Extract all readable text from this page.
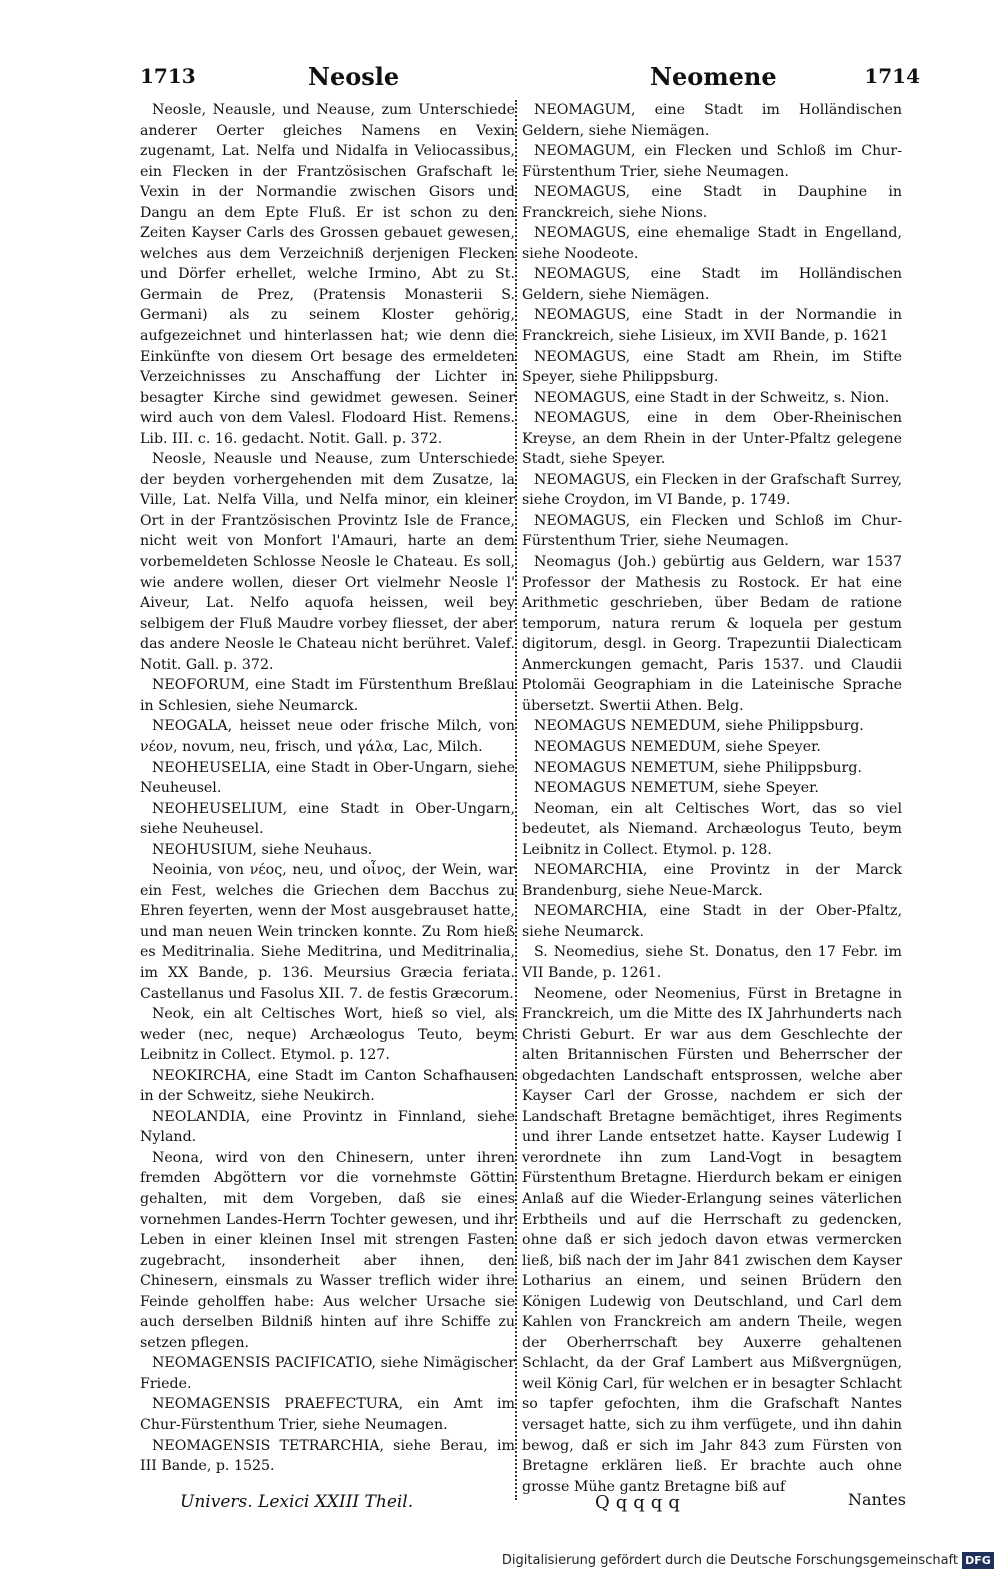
1713	Neosle	Neomene	1714

Neosle, Neausle, und Neause, zum Unterschiede anderer Oerter gleiches Namens en Vexin zugenamt, Lat. Nelfa und Nidalfa in Veliocassibus, ein Flecken in der Frantzösischen Grafschaft le Vexin in der Normandie zwischen Gisors und Dangu an dem Epte Fluß. Er ist schon zu den Zeiten Kayser Carls des Grossen gebauet gewesen, welches aus dem Verzeichniß derjenigen Flecken und Dörfer erhellet, welche Irmino, Abt zu St. Germain de Prez, (Pratensis Monasterii S. Germani) als zu seinem Kloster gehörig, aufgezeichnet und hinterlassen hat; wie denn die Einkünfte von diesem Ort besage des ermeldeten Verzeichnisses zu Anschaffung der Lichter in besagter Kirche sind gewidmet gewesen. Seiner wird auch von dem Valesl. Flodoard Hist. Remens. Lib. III. c. 16. gedacht. Notit. Gall. p. 372.

Neosle, Neausle und Neause, zum Unterschiede der beyden vorhergehenden mit dem Zusatze, la Ville, Lat. Nelfa Villa, und Nelfa minor, ein kleiner Ort in der Frantzösischen Provintz Isle de France, nicht weit von Monfort l'Amauri, harte an dem vorbemeldeten Schlosse Neosle le Chateau. Es soll, wie andere wollen, dieser Ort vielmehr Neosle l' Aiveur, Lat. Nelfo aquofa heissen, weil bey selbigem der Fluß Maudre vorbey fliesset, der aber das andere Neosle le Chateau nicht berühret. Valef. Notit. Gall. p. 372.

NEOFORUM, eine Stadt im Fürstenthum Breßlau in Schlesien, siehe Neumarck.

NEOGALA, heisset neue oder frische Milch, von νέον, novum, neu, frisch, und γάλα, Lac, Milch.

NEOHEUSELIA, eine Stadt in Ober-Ungarn, siehe Neuheusel.

NEOHEUSELIUM, eine Stadt in Ober-Ungarn, siehe Neuheusel.

NEOHUSIUM, siehe Neuhaus.

Neoinia, von νέος, neu, und οἶνος, der Wein, war ein Fest, welches die Griechen dem Bacchus zu Ehren feyerten, wenn der Most ausgebrauset hatte, und man neuen Wein trincken konnte. Zu Rom hieß es Meditrinalia. Siehe Meditrina, und Meditrinalia, im XX Bande, p. 136. Meursius Græcia feriata. Castellanus und Fasolus XII. 7. de festis Græcorum.

Neok, ein alt Celtisches Wort, hieß so viel, als weder (nec, neque) Archæologus Teuto, beym Leibnitz in Collect. Etymol. p. 127.

NEOKIRCHA, eine Stadt im Canton Schafhausen in der Schweitz, siehe Neukirch.

NEOLANDIA, eine Provintz in Finnland, siehe Nyland.

Neona, wird von den Chinesern, unter ihren fremden Abgöttern vor die vornehmste Göttin gehalten, mit dem Vorgeben, daß sie eines vornehmen Landes-Herrn Tochter gewesen, und ihr Leben in einer kleinen Insel mit strengen Fasten zugebracht, insonderheit aber ihnen, den Chinesern, einsmals zu Wasser treflich wider ihre Feinde geholffen habe: Aus welcher Ursache sie auch derselben Bildniß hinten auf ihre Schiffe zu setzen pflegen.

NEOMAGENSIS PACIFICATIO, siehe Nimägischer Friede.

NEOMAGENSIS PRAEFECTURA, ein Amt im Chur-Fürstenthum Trier, siehe Neumagen.

NEOMAGENSIS TETRARCHIA, siehe Berau, im III Bande, p. 1525.

NEOMAGUM, eine Stadt im Holländischen Geldern, siehe Niemägen.

NEOMAGUM, ein Flecken und Schloß im Chur-Fürstenthum Trier, siehe Neumagen.

NEOMAGUS, eine Stadt in Dauphine in Franckreich, siehe Nions.

NEOMAGUS, eine ehemalige Stadt in Engelland, siehe Noodeote.

NEOMAGUS, eine Stadt im Holländischen Geldern, siehe Niemägen.

NEOMAGUS, eine Stadt in der Normandie in Franckreich, siehe Lisieux, im XVII Bande, p. 1621

NEOMAGUS, eine Stadt am Rhein, im Stifte Speyer, siehe Philippsburg.

NEOMAGUS, eine Stadt in der Schweitz, s. Nion.

NEOMAGUS, eine in dem Ober-Rheinischen Kreyse, an dem Rhein in der Unter-Pfaltz gelegene Stadt, siehe Speyer.

NEOMAGUS, ein Flecken in der Grafschaft Surrey, siehe Croydon, im VI Bande, p. 1749.

NEOMAGUS, ein Flecken und Schloß im Chur-Fürstenthum Trier, siehe Neumagen.

Neomagus (Joh.) gebürtig aus Geldern, war 1537 Professor der Mathesis zu Rostock. Er hat eine Arithmetic geschrieben, über Bedam de ratione temporum, natura rerum & loquela per gestum digitorum, desgl. in Georg. Trapezuntii Dialecticam Anmerckungen gemacht, Paris 1537. und Claudii Ptolomäi Geographiam in die Lateinische Sprache übersetzt. Swertii Athen. Belg.

NEOMAGUS NEMEDUM, siehe Philippsburg.

NEOMAGUS NEMEDUM, siehe Speyer.

NEOMAGUS NEMETUM, siehe Philippsburg.

NEOMAGUS NEMETUM, siehe Speyer.

Neoman, ein alt Celtisches Wort, das so viel bedeutet, als Niemand. Archæologus Teuto, beym Leibnitz in Collect. Etymol. p. 128.

NEOMARCHIA, eine Provintz in der Marck Brandenburg, siehe Neue-Marck.

NEOMARCHIA, eine Stadt in der Ober-Pfaltz, siehe Neumarck.

S. Neomedius, siehe St. Donatus, den 17 Febr. im VII Bande, p. 1261.

Neomene, oder Neomenius, Fürst in Bretagne in Franckreich, um die Mitte des IX Jahrhunderts nach Christi Geburt. Er war aus dem Geschlechte der alten Britannischen Fürsten und Beherrscher der obgedachten Landschaft entsprossen, welche aber Kayser Carl der Grosse, nachdem er sich der Landschaft Bretagne bemächtiget, ihres Regiments und ihrer Lande entsetzet hatte. Kayser Ludewig I verordnete ihn zum Land-Vogt in besagtem Fürstenthum Bretagne. Hierdurch bekam er einigen Anlaß auf die Wieder-Erlangung seines väterlichen Erbtheils und auf die Herrschaft zu gedencken, ohne daß er sich jedoch davon etwas vermercken ließ, biß nach der im Jahr 841 zwischen dem Kayser Lotharius an einem, und seinen Brüdern den Königen Ludewig von Deutschland, und Carl dem Kahlen von Franckreich am andern Theile, wegen der Oberherrschaft bey Auxerre gehaltenen Schlacht, da der Graf Lambert aus Mißvergnügen, weil König Carl, für welchen er in besagter Schlacht so tapfer gefochten, ihm die Grafschaft Nantes versaget hatte, sich zu ihm verfügete, und ihn dahin bewog, daß er sich im Jahr 843 zum Fürsten von Bretagne erklären ließ. Er brachte auch ohne grosse Mühe gantz Bretagne biß auf

Univers. Lexici XXIII Theil.	Qqqqq	Nantes
Digitalisierung gefördert durch die Deutsche Forschungsgemeinschaft DFG
